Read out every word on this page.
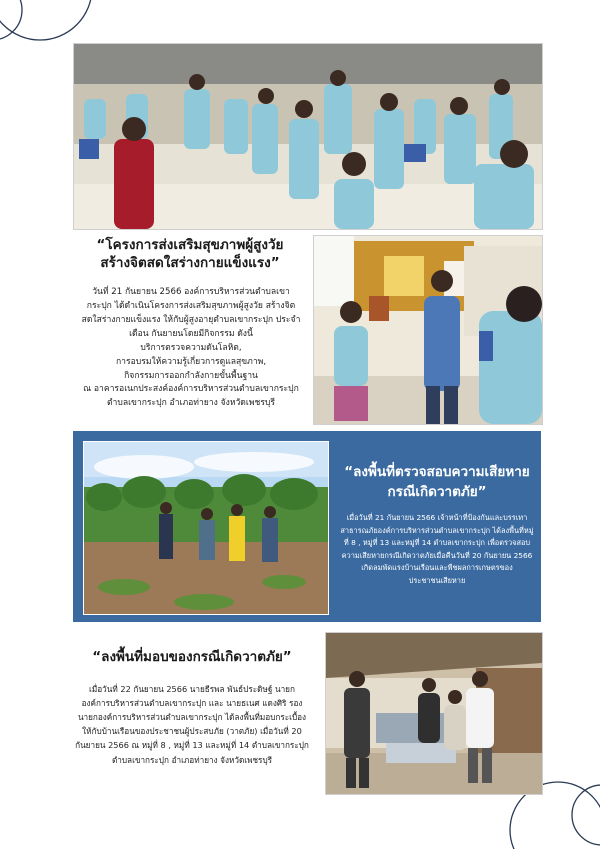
“โครงการส่งเสริมสุขภาพผู้สูงวัย
สร้างจิตสดใสร่างกายแข็งแรง”
วันที่ 21 กันยายน 2566 องค์การบริหารส่วนตำบลเขา
กระปุก ได้ดำเนินโครงการส่งเสริมสุขภาพผู้สูงวัย สร้างจิต
สดใสร่างกายแข็งแรง ให้กับผู้สูงอายุตำบลเขากระปุก ประจำ
เดือน กันยายนโดยมีกิจกรรม ดังนี้
บริการตรวจความดันโลหิต,
การอบรมให้ความรู้เกี่ยวการดูแลสุขภาพ,
กิจกรรมการออกกำลังกายขั้นพื้นฐาน
ณ อาคารอเนกประสงค์องค์การบริหารส่วนตำบลเขากระปุก
ตำบลเขากระปุก อำเภอท่ายาง จังหวัดเพชรบุรี
“ลงพื้นที่ตรวจสอบความเสียหาย
กรณีเกิดวาตภัย”
เมื่อวันที่ 21 กันยายน 2566 เจ้าหน้าที่ป้องกันและบรรเทา
สาธารณภัยองค์การบริหารส่วนตำบลเขากระปุก ได้ลงพื้นที่หมู่
ที่ 8 , หมู่ที่ 13 และหมู่ที่ 14 ตำบลเขากระปุก เพื่อตรวจสอบ
ความเสียหายกรณีเกิดวาตภัยเมื่อคืนวันที่ 20 กันยายน 2566
เกิดลมพัดแรงบ้านเรือนและพืชผลการเกษตรของ
ประชาชนเสียหาย
“ลงพื้นที่มอบของกรณีเกิดวาตภัย”
เมื่อวันที่ 22 กันยายน 2566 นายธีรพล พันธ์ประดิษฐ์ นายก
องค์การบริหารส่วนตำบลเขากระปุก และ นายธเนศ แดงศิริ รอง
นายกองค์การบริหารส่วนตำบลเขากระปุก ได้ลงพื้นที่มอบกระเบื้อง
ให้กับบ้านเรือนของประชาชนผู้ประสบภัย (วาตภัย) เมื่อวันที่ 20
กันยายน 2566 ณ หมู่ที่ 8 , หมู่ที่ 13 และหมู่ที่ 14 ตำบลเขากระปุก
ตำบลเขากระปุก อำเภอท่ายาง จังหวัดเพชรบุรี
